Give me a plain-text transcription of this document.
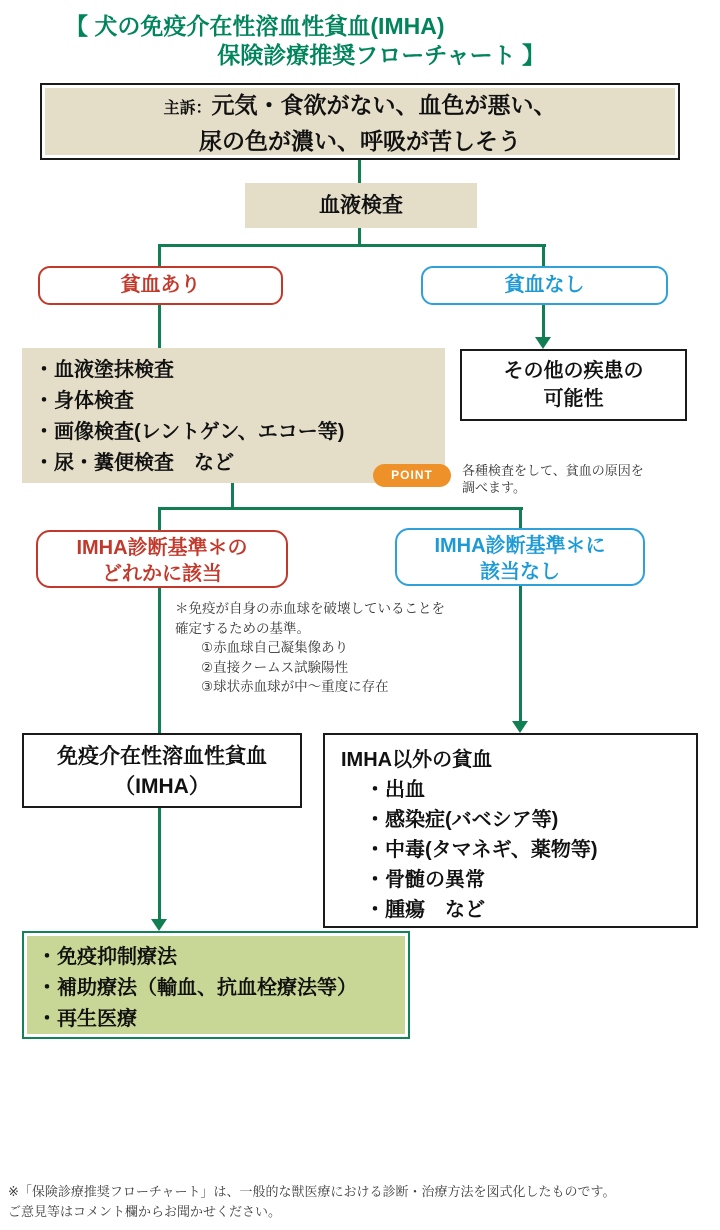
【 犬の免疫介在性溶血性貧血(IMHA)
保険診療推奨フローチャート 】
主訴：元気・食欲がない、血色が悪い、
尿の色が濃い、呼吸が苦しそう
血液検査
貧血あり	貧血なし
・血液塗抹検査
・身体検査
・画像検査(レントゲン、エコー等)
・尿・糞便検査　など
その他の疾患の
可能性
POINT	各種検査をして、貧血の原因を
調べます。
IMHA診断基準＊の
どれかに該当
IMHA診断基準＊に
該当なし
＊免疫が自身の赤血球を破壊していることを
確定するための基準。
①赤血球自己凝集像あり
②直接クームス試験陽性
③球状赤血球が中～重度に存在
免疫介在性溶血性貧血
（IMHA）
IMHA以外の貧血
・出血
・感染症(バベシア等)
・中毒(タマネギ、薬物等)
・骨髄の異常
・腫瘍　など
・免疫抑制療法
・補助療法（輸血、抗血栓療法等）
・再生医療
※「保険診療推奨フローチャート」は、一般的な獣医療における診断・治療方法を図式化したものです。
ご意見等はコメント欄からお聞かせください。
